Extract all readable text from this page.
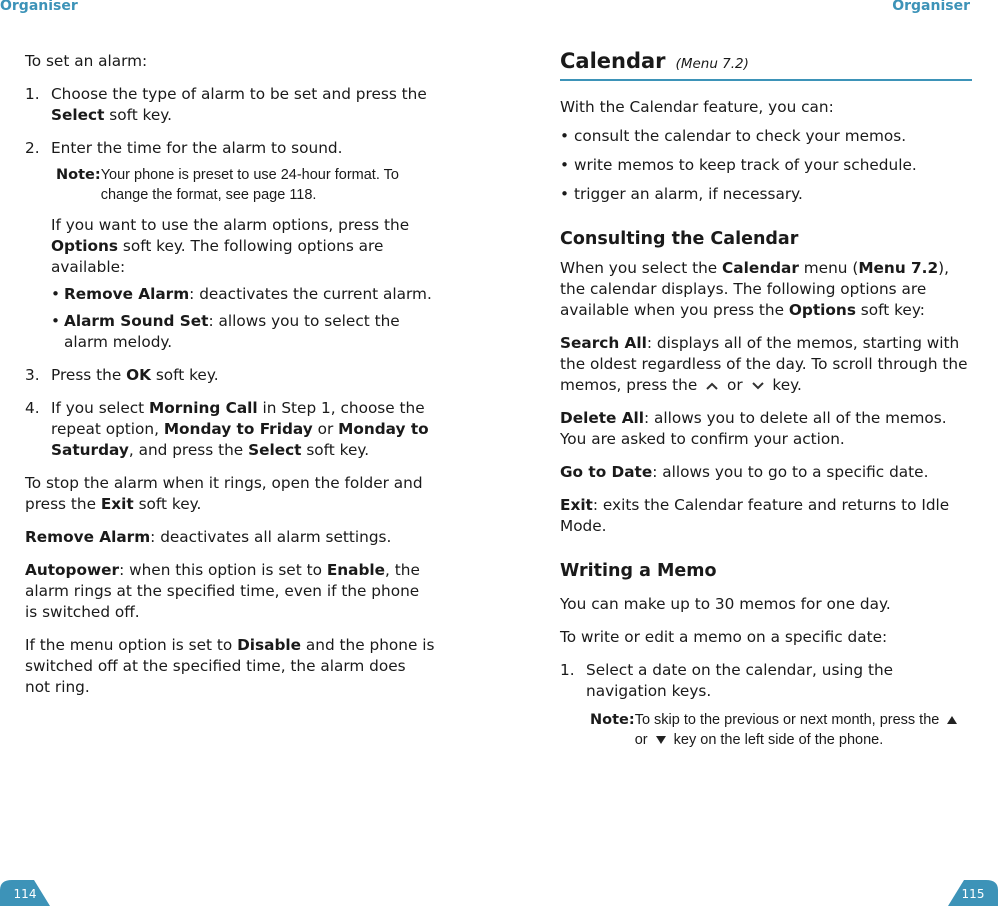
Organiser	Organiser

To set an alarm:

1. Choose the type of alarm to be set and press the Select soft key.

2. Enter the time for the alarm to sound.

Note: Your phone is preset to use 24-hour format. To change the format, see page 118.

If you want to use the alarm options, press the Options soft key. The following options are available:

• Remove Alarm: deactivates the current alarm.

• Alarm Sound Set: allows you to select the alarm melody.

3. Press the OK soft key.

4. If you select Morning Call in Step 1, choose the repeat option, Monday to Friday or Monday to Saturday, and press the Select soft key.

To stop the alarm when it rings, open the folder and press the Exit soft key.

Remove Alarm: deactivates all alarm settings.

Autopower: when this option is set to Enable, the alarm rings at the specified time, even if the phone is switched off.

If the menu option is set to Disable and the phone is switched off at the specified time, the alarm does not ring.

Calendar (Menu 7.2)

With the Calendar feature, you can:

• consult the calendar to check your memos.

• write memos to keep track of your schedule.

• trigger an alarm, if necessary.

Consulting the Calendar

When you select the Calendar menu (Menu 7.2), the calendar displays. The following options are available when you press the Options soft key:

Search All: displays all of the memos, starting with the oldest regardless of the day. To scroll through the memos, press the or key.

Delete All: allows you to delete all of the memos. You are asked to confirm your action.

Go to Date: allows you to go to a specific date.

Exit: exits the Calendar feature and returns to Idle Mode.

Writing a Memo

You can make up to 30 memos for one day.

To write or edit a memo on a specific date:

1. Select a date on the calendar, using the navigation keys.

Note: To skip to the previous or next month, press the  or key on the left side of the phone.
114	115
